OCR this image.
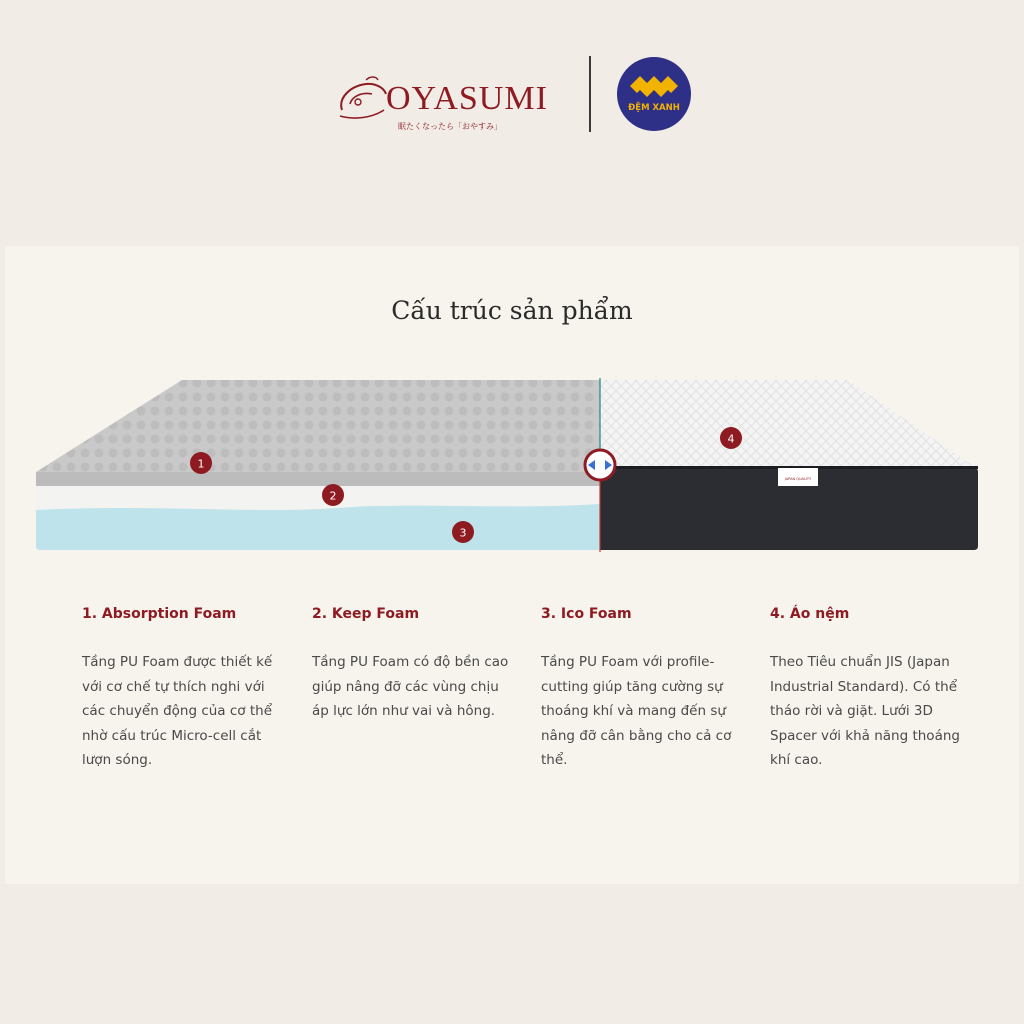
OYASUMI
眠たくなったら「おやすみ」
ĐỆM XANH
Cấu trúc sản phẩm
JAPAN QUALITY
1
2
3
4

1. Absorption Foam

Tầng PU Foam được thiết kế với cơ chế tự thích nghi với các chuyển động của cơ thể nhờ cấu trúc Micro-cell cắt lượn sóng.

2. Keep Foam

Tầng PU Foam có độ bền cao giúp nâng đỡ các vùng chịu áp lực lớn như vai và hông.

3. Ico Foam

Tầng PU Foam với profile-cutting giúp tăng cường sự thoáng khí và mang đến sự nâng đỡ cân bằng cho cả cơ thể.

4. Áo nệm

Theo Tiêu chuẩn JIS (Japan Industrial Standard). Có thể tháo rời và giặt. Lưới 3D Spacer với khả năng thoáng khí cao.
